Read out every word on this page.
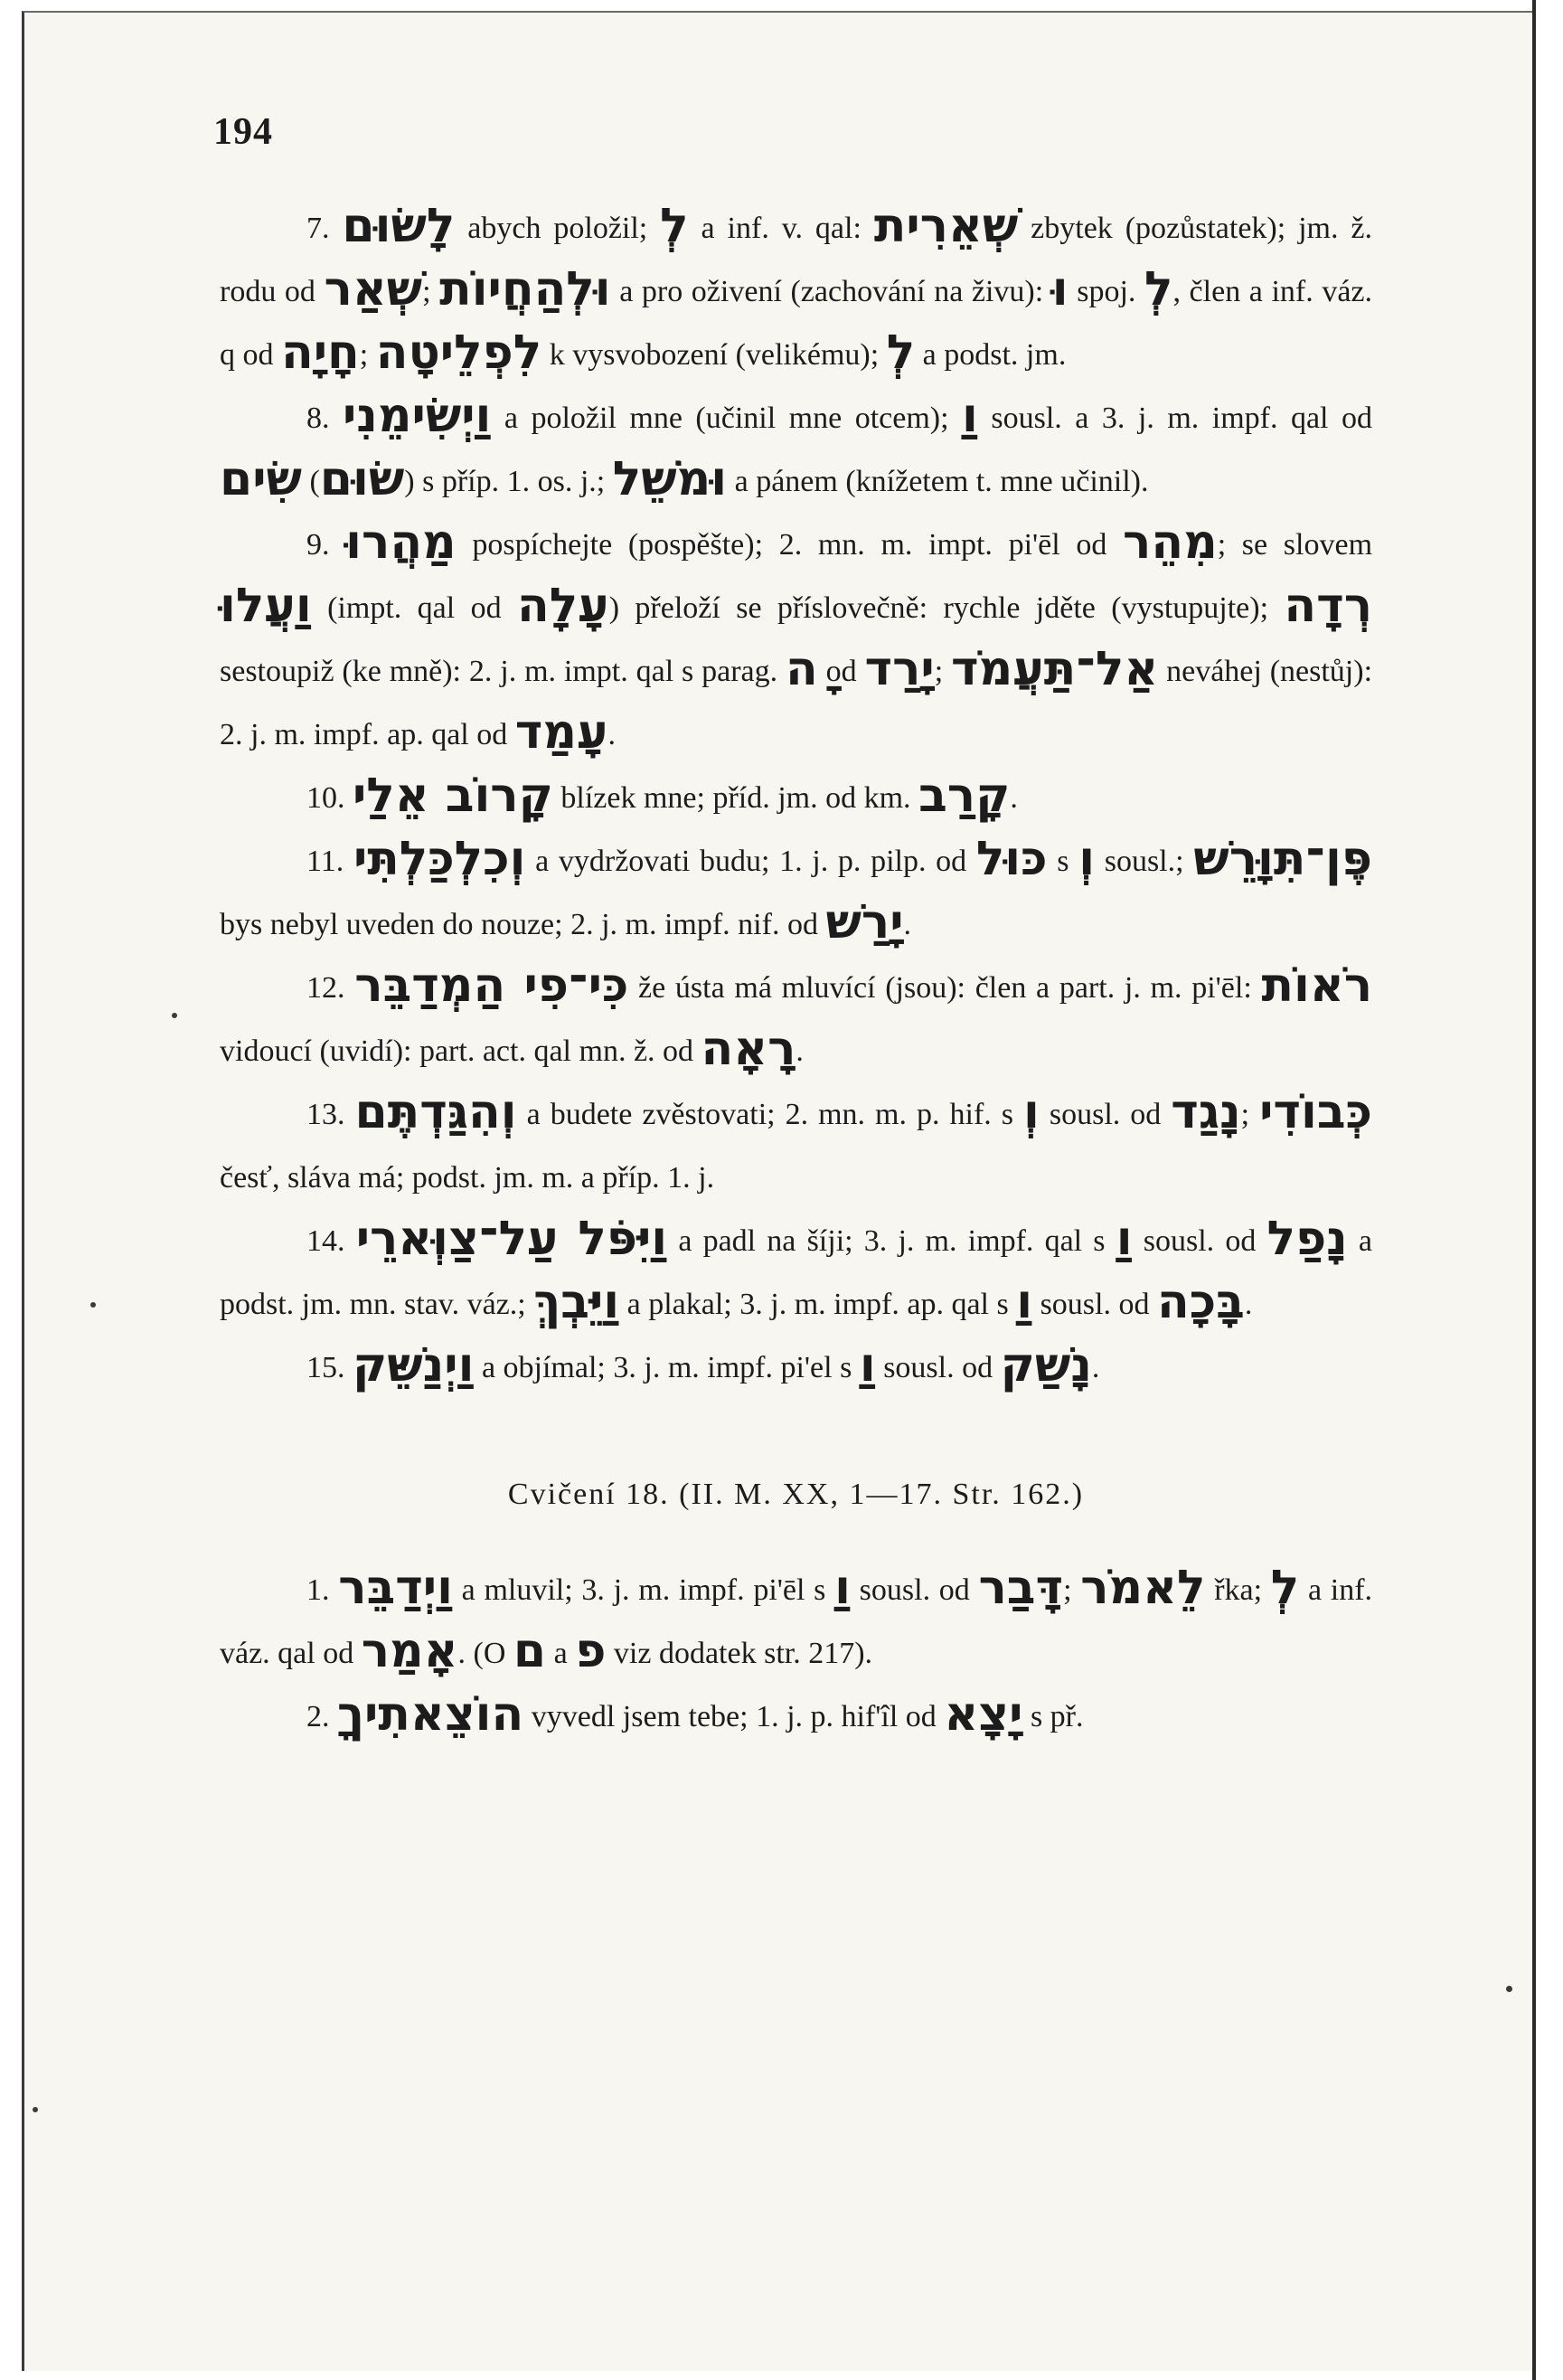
194

7. לָשׂוּם abych položil; לְ a inf. v. qal: שְׁאֵרִית zbytek (pozůstatek); jm. ž. rodu od שְׁאַר; וּלְהַחֲיוֹת a pro oživení (zachování na živu): וּ spoj. לְ, člen a inf. váz. q od חָיָה; לִפְלֵיטָה k vysvobození (velikému); לְ a podst. jm.

8. וַיְשִׂימֵנִי a položil mne (učinil mne otcem); וַ sousl. a 3. j. m. impf. qal od שִׂים (שׂוּם) s příp. 1. os. j.; וּמֹשֵׁל a pánem (knížetem t. mne učinil).

9. מַהֲרוּ pospíchejte (pospěšte); 2. mn. m. impt. pi'ēl od מִהֵר; se slovem וַעֲלוּ (impt. qal od עָלָה) přeloží se příslovečně: rychle jděte (vystupujte); רְדָה sestoupiž (ke mně): 2. j. m. impt. qal s parag. ָה od יָרַד; אַל־תַּעֲמֹד neváhej (nestůj): 2. j. m. impf. ap. qal od עָמַד.

10. קָרוֹב אֵלַי blízek mne; příd. jm. od km. קָרַב.

11. וְכִלְכַּלְתִּי a vydržovati budu; 1. j. p. pilp. od כּוּל s וְ sousl.; פֶּן־תִּוָּרֵשׁ bys nebyl uveden do nouze; 2. j. m. impf. nif. od יָרַשׁ.

12. כִּי־פִי הַמְדַבֵּר že ústa má mluvící (jsou): člen a part. j. m. pi'ēl: רֹאוֹת vidoucí (uvidí): part. act. qal mn. ž. od רָאָה.

13. וְהִגַּדְתֶּם a budete zvěstovati; 2. mn. m. p. hif. s וְ sousl. od נָגַד; כְּבוֹדִי česť, sláva má; podst. jm. m. a příp. 1. j.

14. וַיִּפֹּל עַל־צַוְּארֵי a padl na šíji; 3. j. m. impf. qal s וַ sousl. od נָפַל a podst. jm. mn. stav. váz.; וַיֵּבְךְּ a plakal; 3. j. m. impf. ap. qal s וַ sousl. od בָּכָה.

15. וַיְנַשֵּׁק a objímal; 3. j. m. impf. pi'el s וַ sousl. od נָשַׁק.

Cvičení 18. (II. M. XX, 1—17. Str. 162.)

1. וַיְדַבֵּר a mluvil; 3. j. m. impf. pi'ēl s וַ sousl. od דָּבַר; לֵאמֹר řka; לְ a inf. váz. qal od אָמַר. (O ם a פ viz dodatek str. 217).

2. הוֹצֵאתִיךָ vyvedl jsem tebe; 1. j. p. hif'îl od יָצָא s př.
